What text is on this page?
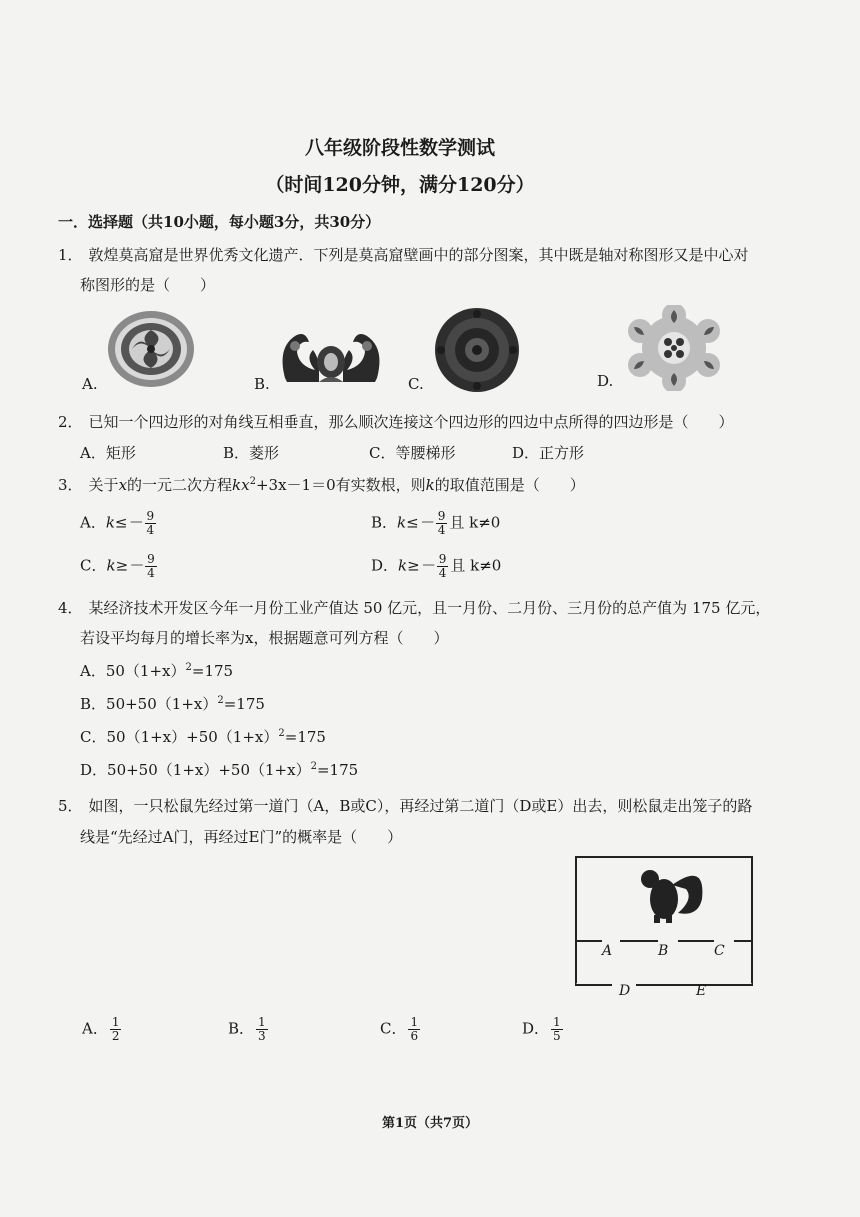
八年级阶段性数学测试
（时间120分钟，满分120分）
一．选择题（共10小题，每小题3分，共30分）
1． 敦煌莫高窟是世界优秀文化遗产．下列是莫高窟壁画中的部分图案，其中既是轴对称图形又是中心对
称图形的是（　　）
A.	B.	C.	D.
2． 已知一个四边形的对角线互相垂直，那么顺次连接这个四边形的四边中点所得的四边形是（　　）
A．矩形	B．菱形	C．等腰梯形	D．正方形
3． 关于x的一元二次方程$kx^2+3x-1=0$有实数根，则k的取值范围是（　　）
A．$k\le- \frac{9}{4}$	B．$k\le- \frac{9}{4}$ 且 k≠0
C．$k\ge- \frac{9}{4}$	D．$k\ge- \frac{9}{4}$ 且 k≠0
4． 某经济技术开发区今年一月份工业产值达 50 亿元，且一月份、二月份、三月份的总产值为 175 亿元，
若设平均每月的增长率为x，根据题意可列方程（　　）
A．$50(1+x)^2=175$
B．$50+50(1+x)^2=175$
C．$50(1+x)+50(1+x)^2=175$
D．$50+50(1+x)+50(1+x)^2=175$
5． 如图，一只松鼠先经过第一道门（A，B或C），再经过第二道门（D或E）出去，则松鼠走出笼子的路
线是“先经过A门，再经过E门”的概率是（　　）
A	B	C
D	E
A． $\frac{1}{2}$	B． $\frac{1}{3}$	C． $\frac{1}{6}$	D． $\frac{1}{5}$
第1页（共7页）
